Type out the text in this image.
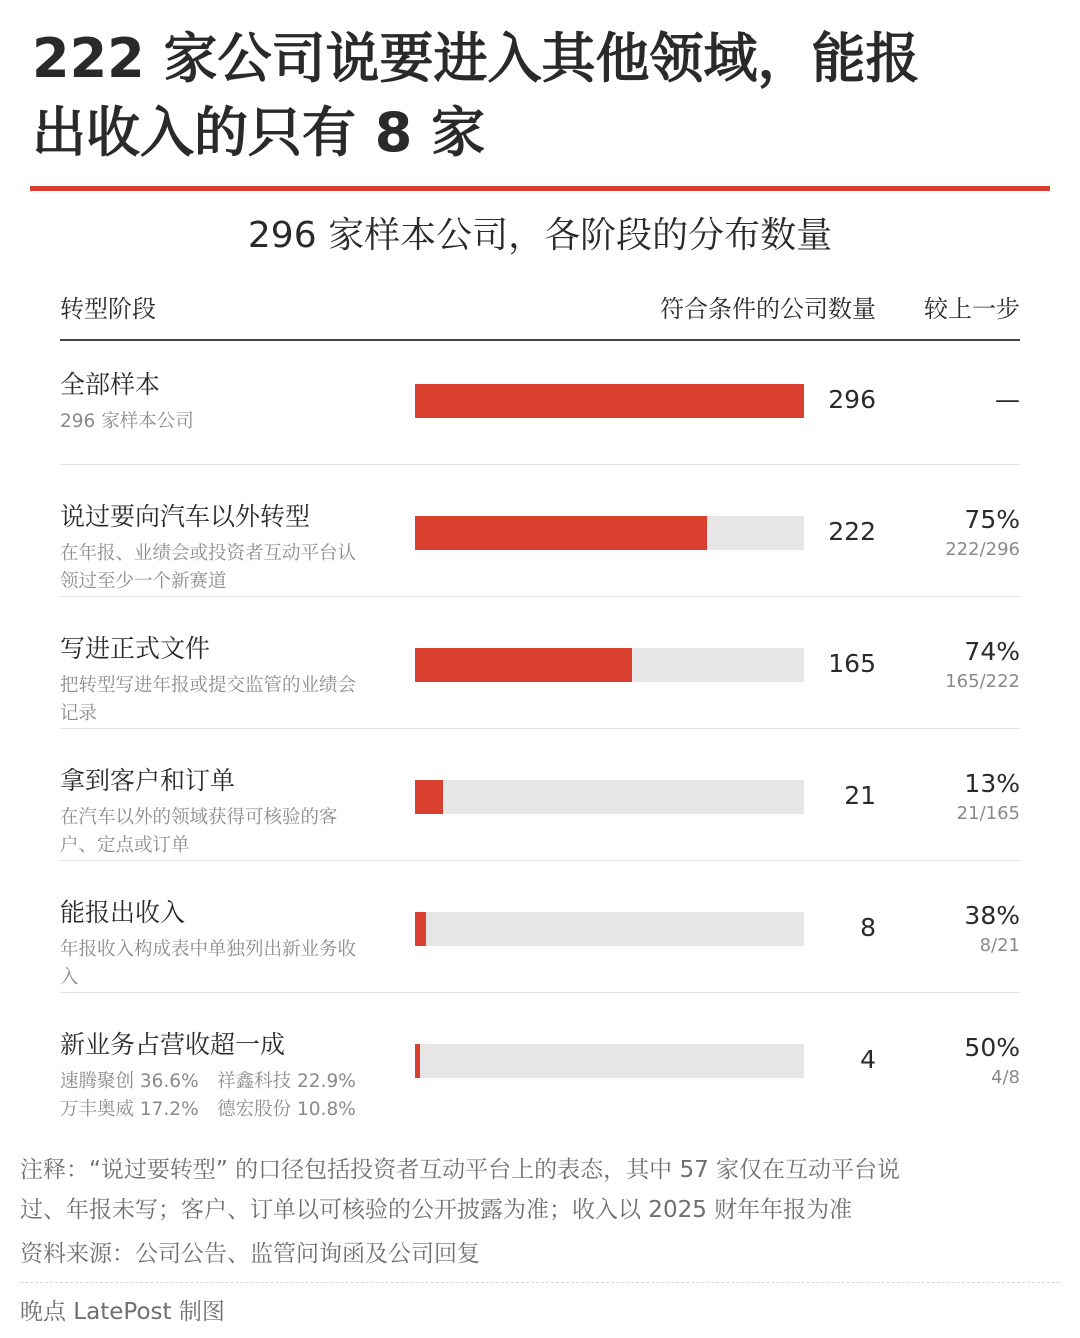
222 家公司说要进入其他领域，能报
出收入的只有 8 家
296 家样本公司，各阶段的分布数量
转型阶段	符合条件的公司数量 较上一步
全部样本
296 家样本公司
296	—
说过要向汽车以外转型
在年报、业绩会或投资者互动平台认
领过至少一个新赛道
222	75%
222/296
写进正式文件
把转型写进年报或提交监管的业绩会
记录
165	74%
165/222
拿到客户和订单
在汽车以外的领域获得可核验的客
户、定点或订单
21	13%
21/165
能报出收入
年报收入构成表中单独列出新业务收
入
8	38%
8/21
新业务占营收超一成
速腾聚创 36.6%　祥鑫科技 22.9%
万丰奥威 17.2%　德宏股份 10.8%
4	50%
4/8
注释：“说过要转型” 的口径包括投资者互动平台上的表态，其中 57 家仅在互动平台说
过、年报未写；客户、订单以可核验的公开披露为准；收入以 2025 财年年报为准
资料来源：公司公告、监管问询函及公司回复
晚点 LatePost 制图
